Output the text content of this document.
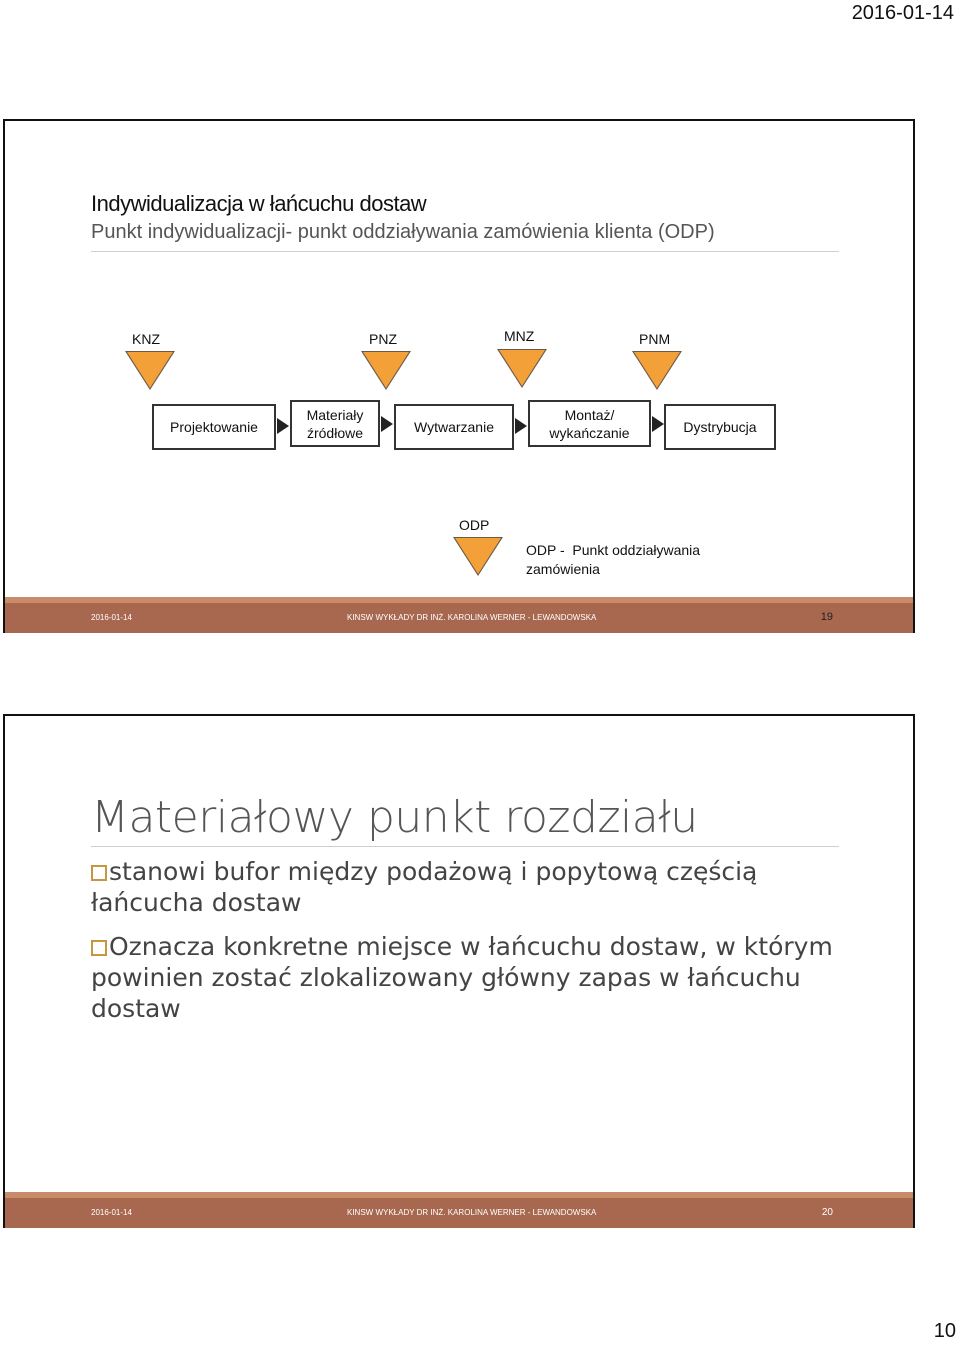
2016-01-14
Indywidualizacja w łańcuchu dostaw
Punkt indywidualizacji- punkt oddziaływania zamówienia klienta (ODP)
KNZ	PNZ	MNZ	PNM
Projektowanie
Materiały
źródłowe	Wytwarzanie
Montaż/
wykańczanie	Dystrybucja
ODP
ODP -  Punkt oddziaływania
zamówienia
2016-01-14	KINSW WYKŁADY DR INŻ. KAROLINA WERNER - LEWANDOWSKA	19
Materiałowy punkt rozdziału
stanowi bufor między podażową i popytową częścią łańcucha dostaw
Oznacza konkretne miejsce w łańcuchu dostaw, w którym powinien zostać zlokalizowany główny zapas w łańcuchu dostaw
2016-01-14	KINSW WYKŁADY DR INŻ. KAROLINA WERNER - LEWANDOWSKA	20
10
